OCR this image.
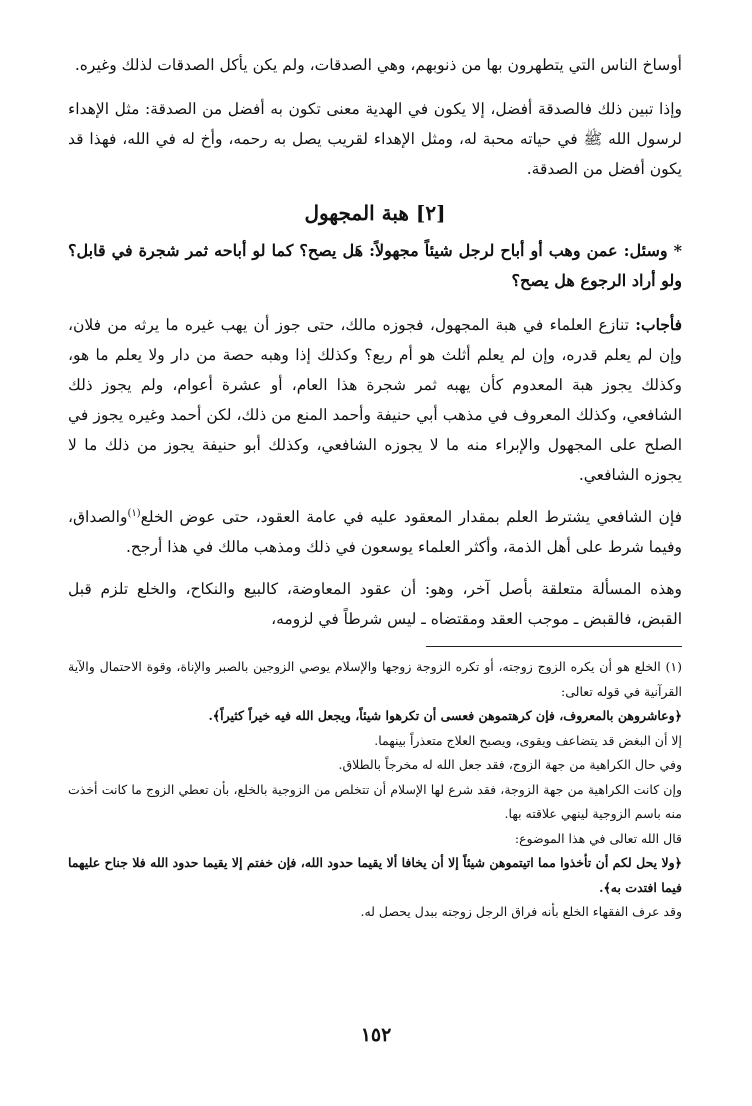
أوساخ الناس التي يتطهرون بها من ذنوبهم، وهي الصدقات، ولم يكن يأكل الصدقات لذلك وغيره.

وإذا تبين ذلك فالصدقة أفضل، إلا يكون في الهدية معنى تكون به أفضل من الصدقة: مثل الإهداء لرسول الله ﷺ في حياته محبة له، ومثل الإهداء لقريب يصل به رحمه، وأخ له في الله، فهذا قد يكون أفضل من الصدقة.

[٢] هبة المجهول

* وسئل: عمن وهب أو أباح لرجل شيئاً مجهولاً: هَل يصح؟ كما لو أباحه ثمر شجرة في قابل؟ ولو أراد الرجوع هل يصح؟

فأجاب: تنازع العلماء في هبة المجهول، فجوزه مالك، حتى جوز أن يهب غيره ما يرثه من فلان، وإن لم يعلم قدره، وإن لم يعلم أثلث هو أم ربع؟ وكذلك إذا وهبه حصة من دار ولا يعلم ما هو، وكذلك يجوز هبة المعدوم كأن يهبه ثمر شجرة هذا العام، أو عشرة أعوام، ولم يجوز ذلك الشافعي، وكذلك المعروف في مذهب أبي حنيفة وأحمد المنع من ذلك، لكن أحمد وغيره يجوز في الصلح على المجهول والإبراء منه ما لا يجوزه الشافعي، وكذلك أبو حنيفة يجوز من ذلك ما لا يجوزه الشافعي.

فإن الشافعي يشترط العلم بمقدار المعقود عليه في عامة العقود، حتى عوض الخلع$^{(١)}$والصداق، وفيما شرط على أهل الذمة، وأكثر العلماء يوسعون في ذلك ومذهب مالك في هذا أرجح.

وهذه المسألة متعلقة بأصل آخر، وهو: أن عقود المعاوضة، كالبيع والنكاح، والخلع تلزم قبل القبض، فالقبض ـ موجب العقد ومقتضاه ـ ليس شرطاً في لزومه،

(١) الخلع هو أن يكره الزوج زوجته، أو تكره الزوجة زوجها والإسلام يوصي الزوجين بالصبر والإناة، وقوة الاحتمال والآية القرآنية في قوله تعالى:

﴿وعاشروهن بالمعروف، فإن كرهتموهن فعسى أن تكرهوا شيئاً، ويجعل الله فيه خيراً كثيراً﴾.

إلا أن البغض قد يتضاعف ويقوى، ويصبح العلاج متعذراً بينهما.

وفي حال الكراهية من جهة الزوج، فقد جعل الله له مخرجاً بالطلاق.

وإن كانت الكراهية من جهة الزوجة، فقد شرع لها الإسلام أن تتخلص من الزوجية بالخلع، بأن تعطي الزوج ما كانت أخذت منه باسم الزوجية لينهي علاقته بها.

قال الله تعالى في هذا الموضوع:

﴿ولا يحل لكم أن تأخذوا مما اتيتموهن شيئاً إلا أن يخافا ألا يقيما حدود الله، فإن خفتم إلا يقيما حدود الله فلا جناح عليهما فيما افتدت به﴾.

وقد عرف الفقهاء الخلع بأنه فراق الرجل زوجته ببدل يحصل له.

١٥٢
